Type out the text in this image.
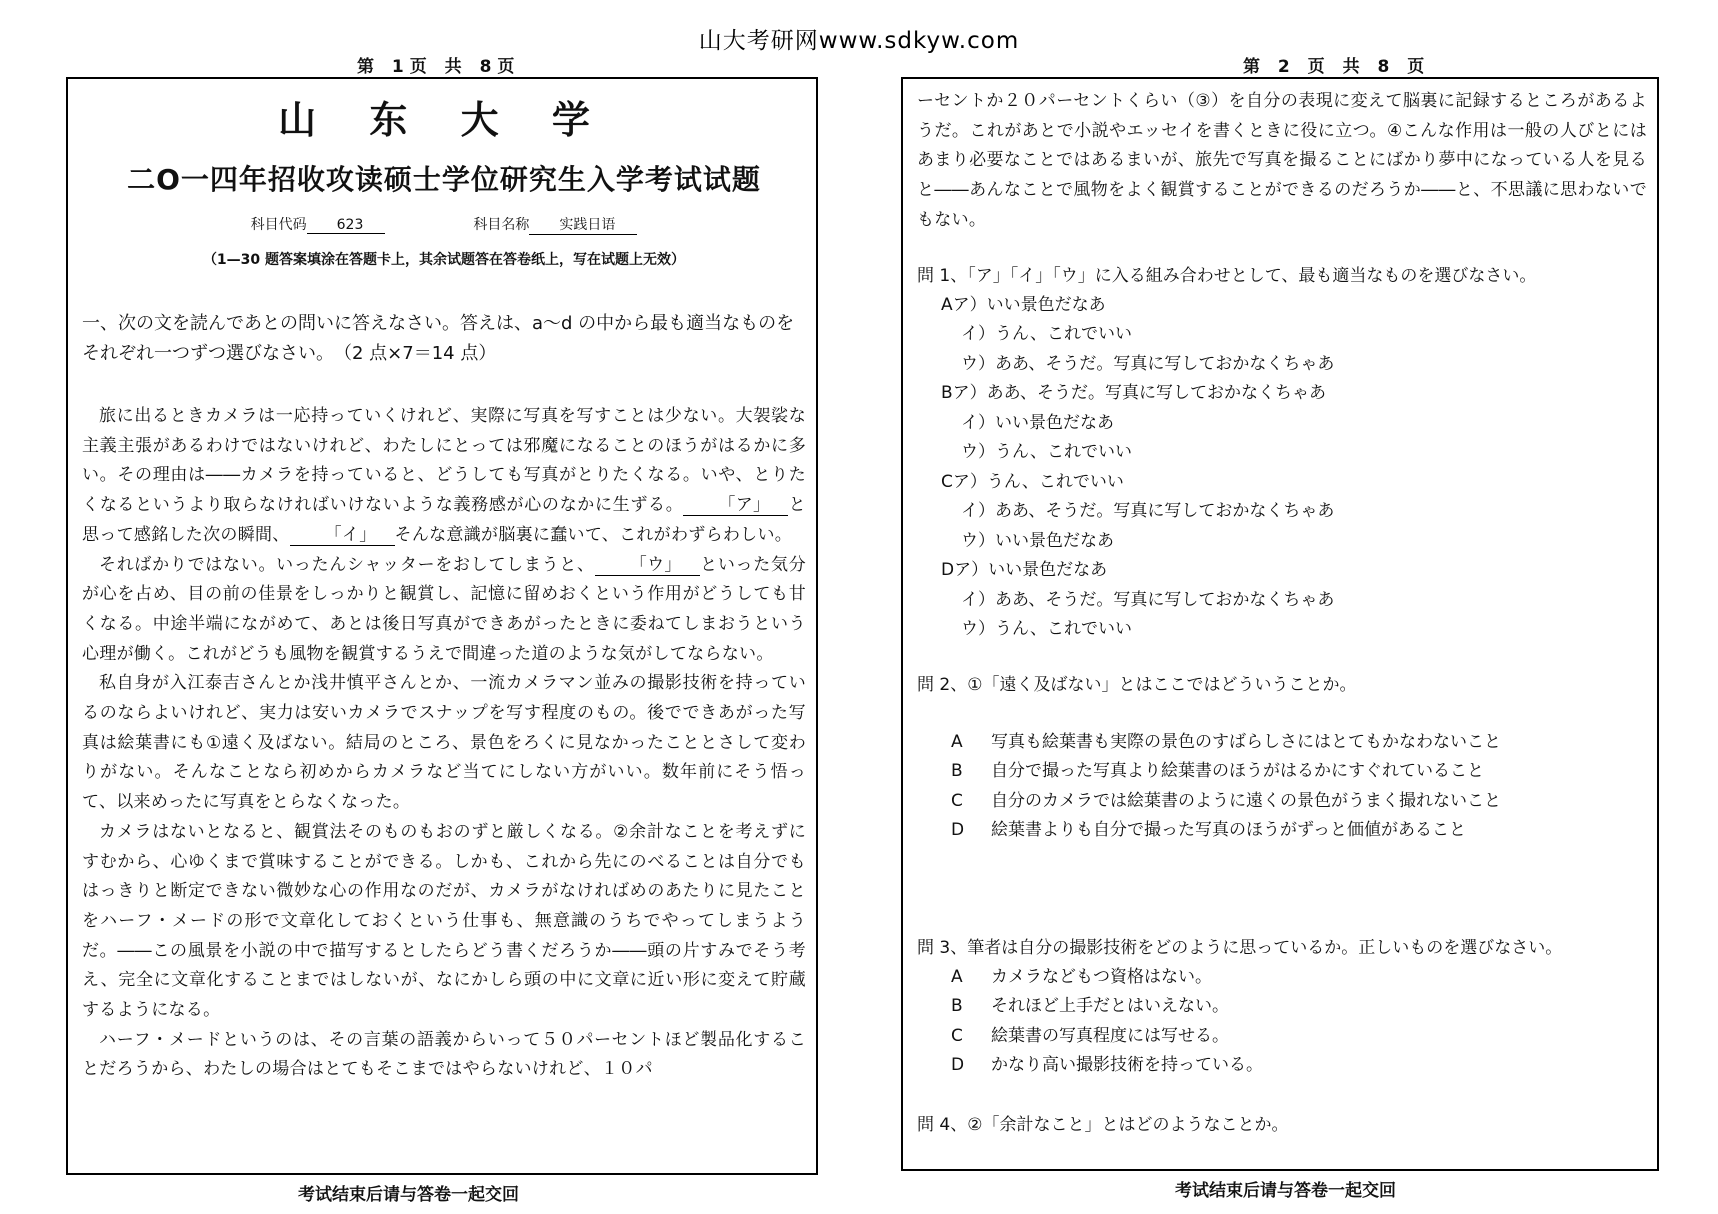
山大考研网www.sdkyw.com
第 1页 共 8页
山 东 大 学
二O一四年招收攻读硕士学位研究生入学考试试题
科目代码 623	科目名称 实践日语
（1—30 题答案填涂在答题卡上，其余试题答在答卷纸上，写在试题上无效）
一、次の文を読んであとの問いに答えなさい。答えは、a～d の中から最も適当なものをそれぞれ一つずつ選びなさい。　（2 点×7＝14 点）

旅に出るときカメラは一応持っていくけれど、実際に写真を写すことは少ない。大袈裟な主義主張があるわけではないけれど、わたしにとっては邪魔になることのほうがはるかに多い。その理由は――カメラを持っていると、どうしても写真がとりたくなる。いや、とりたくなるというより取らなければいけないような義務感が心のなかに生ずる。 「ア」 と思って感銘した次の瞬間、 「イ」 そんな意識が脳裏に蠢いて、これがわずらわしい。

そればかりではない。いったんシャッターをおしてしまうと、 「ウ」 といった気分が心を占め、目の前の佳景をしっかりと観賞し、記憶に留めおくという作用がどうしても甘くなる。中途半端にながめて、あとは後日写真ができあがったときに委ねてしまおうという心理が働く。これがどうも風物を観賞するうえで間違った道のような気がしてならない。

私自身が入江泰吉さんとか浅井慎平さんとか、一流カメラマン並みの撮影技術を持っているのならよいけれど、実力は安いカメラでスナップを写す程度のもの。後でできあがった写真は絵葉書にも①遠く及ばない。結局のところ、景色をろくに見なかったこととさして変わりがない。そんなことなら初めからカメラなど当てにしない方がいい。数年前にそう悟って、以来めったに写真をとらなくなった。

カメラはないとなると、観賞法そのものもおのずと厳しくなる。②余計なことを考えずにすむから、心ゆくまで賞味することができる。しかも、これから先にのべることは自分でもはっきりと断定できない微妙な心の作用なのだが、カメラがなければめのあたりに見たことをハーフ・メードの形で文章化しておくという仕事も、無意識のうちでやってしまうようだ。――この風景を小説の中で描写するとしたらどう書くだろうか――頭の片すみでそう考え、完全に文章化することまではしないが、なにかしら頭の中に文章に近い形に変えて貯蔵するようになる。

ハーフ・メードというのは、その言葉の語義からいって５０パーセントほど製品化することだろうから、わたしの場合はとてもそこまではやらないけれど、１０パ

考试结束后请与答卷一起交回
第 2 页 共 8 页

ーセントか２０パーセントくらい（③）を自分の表現に変えて脳裏に記録するところがあるようだ。これがあとで小説やエッセイを書くときに役に立つ。④こんな作用は一般の人びとにはあまり必要なことではあるまいが、旅先で写真を撮ることにばかり夢中になっている人を見ると――あんなことで風物をよく観賞することができるのだろうか――と、不思議に思わないでもない。

問 1、「ア」「イ」「ウ」に入る組み合わせとして、最も適当なものを選びなさい。
Aア）いい景色だなあ
イ）うん、これでいい
ウ）ああ、そうだ。写真に写しておかなくちゃあ
Bア）ああ、そうだ。写真に写しておかなくちゃあ
イ）いい景色だなあ
ウ）うん、これでいい
Cア）うん、これでいい
イ）ああ、そうだ。写真に写しておかなくちゃあ
ウ）いい景色だなあ
Dア）いい景色だなあ
イ）ああ、そうだ。写真に写しておかなくちゃあ
ウ）うん、これでいい
問 2、①「遠く及ばない」とはここではどういうことか。
A 写真も絵葉書も実際の景色のすばらしさにはとてもかなわないこと
B 自分で撮った写真より絵葉書のほうがはるかにすぐれていること
C 自分のカメラでは絵葉書のように遠くの景色がうまく撮れないこと
D 絵葉書よりも自分で撮った写真のほうがずっと価値があること
問 3、筆者は自分の撮影技術をどのように思っているか。正しいものを選びなさい。
A カメラなどもつ資格はない。
B それほど上手だとはいえない。
C 絵葉書の写真程度には写せる。
D かなり高い撮影技術を持っている。
問 4、②「余計なこと」とはどのようなことか。
考试结束后请与答卷一起交回
